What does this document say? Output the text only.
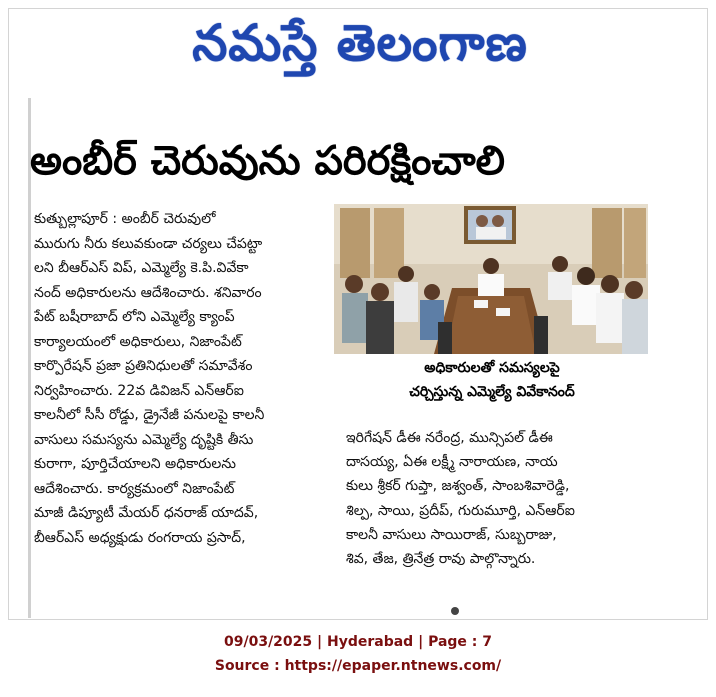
నమస్తే తెలంగాణ
అంబీర్ చెరువును పరిరక్షించాలి
కుత్బుల్లాపూర్ : అంబీర్ చెరువులో
మురుగు నీరు కలువకుండా చర్యలు చేపట్టా
లని బీఆర్ఎస్ విప్, ఎమ్మెల్యే కె.పి.వివేకా
నంద్ అధికారులను ఆదేశించారు. శనివారం
పేట్ బషీరాబాద్ లోని ఎమ్మెల్యే క్యాంప్
కార్యాలయంలో అధికారులు, నిజాంపేట్
కార్పొరేషన్ ప్రజా ప్రతినిధులతో సమావేశం
నిర్వహించారు. 22వ డివిజన్ ఎన్ఆర్ఐ
కాలనీలో సీసీ రోడ్డు, డ్రైనేజీ పనులపై కాలనీ
వాసులు సమస్యను ఎమ్మెల్యే దృష్టికి తీసు
కురాగా, పూర్తిచేయాలని అధికారులను
ఆదేశించారు. కార్యక్రమంలో నిజాంపేట్
మాజీ డిప్యూటీ మేయర్ ధనరాజ్ యాదవ్,
బీఆర్ఎస్ అధ్యక్షుడు రంగరాయ ప్రసాద్,
అధికారులతో సమస్యలపై
చర్చిస్తున్న ఎమ్మెల్యే వివేకానంద్
ఇరిగేషన్ డీఈ నరేంద్ర, మున్సిపల్ డీఈ
దాసయ్య, ఏఈ లక్ష్మీ నారాయణ, నాయ
కులు శ్రీకర్ గుప్తా, జశ్వంత్, సాంబశివారెడ్డి,
శిల్ప, సాయి, ప్రదీప్, గురుమూర్తి, ఎన్ఆర్ఐ
కాలనీ వాసులు సాయిరాజ్, సుబ్బరాజు,
శివ, తేజ, త్రినేత్ర రావు పాల్గొన్నారు.
09/03/2025 | Hyderabad | Page : 7
Source : https://epaper.ntnews.com/
